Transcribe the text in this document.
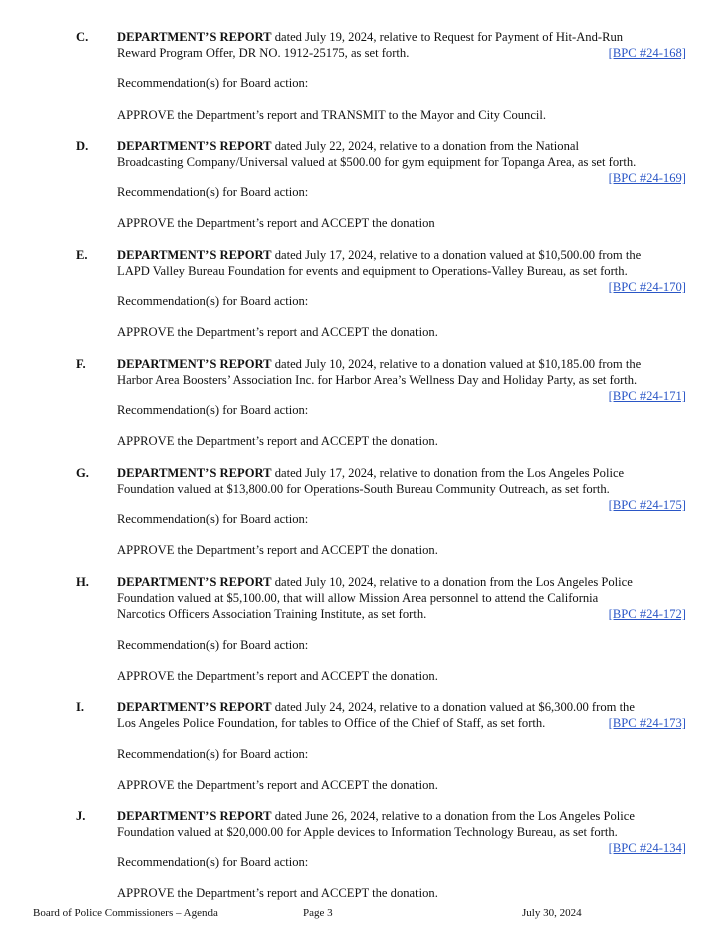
C. DEPARTMENT’S REPORT dated July 19, 2024, relative to Request for Payment of Hit-And-Run
Reward Program Offer, DR NO. 1912-25175, as set forth.	[BPC #24-168]
Recommendation(s) for Board action:
APPROVE the Department’s report and TRANSMIT to the Mayor and City Council.
D. DEPARTMENT’S REPORT dated July 22, 2024, relative to a donation from the National
Broadcasting Company/Universal valued at $500.00 for gym equipment for Topanga Area, as set forth.
[BPC #24-169]
Recommendation(s) for Board action:
APPROVE the Department’s report and ACCEPT the donation
E. DEPARTMENT’S REPORT dated July 17, 2024, relative to a donation valued at $10,500.00 from the
LAPD Valley Bureau Foundation for events and equipment to Operations-Valley Bureau, as set forth.
[BPC #24-170]
Recommendation(s) for Board action:
APPROVE the Department’s report and ACCEPT the donation.
F. DEPARTMENT’S REPORT dated July 10, 2024, relative to a donation valued at $10,185.00 from the
Harbor Area Boosters’ Association Inc. for Harbor Area’s Wellness Day and Holiday Party, as set forth.
[BPC #24-171]
Recommendation(s) for Board action:
APPROVE the Department’s report and ACCEPT the donation.
G. DEPARTMENT’S REPORT dated July 17, 2024, relative to donation from the Los Angeles Police
Foundation valued at $13,800.00 for Operations-South Bureau Community Outreach, as set forth.
[BPC #24-175]
Recommendation(s) for Board action:
APPROVE the Department’s report and ACCEPT the donation.
H. DEPARTMENT’S REPORT dated July 10, 2024, relative to a donation from the Los Angeles Police
Foundation valued at $5,100.00, that will allow Mission Area personnel to attend the California
Narcotics Officers Association Training Institute, as set forth.	[BPC #24-172]
Recommendation(s) for Board action:
APPROVE the Department’s report and ACCEPT the donation.
I.	DEPARTMENT’S REPORT dated July 24, 2024, relative to a donation valued at $6,300.00 from the
Los Angeles Police Foundation, for tables to Office of the Chief of Staff, as set forth.	[BPC #24-173]
Recommendation(s) for Board action:
APPROVE the Department’s report and ACCEPT the donation.
J.	DEPARTMENT’S REPORT dated June 26, 2024, relative to a donation from the Los Angeles Police
Foundation valued at $20,000.00 for Apple devices to Information Technology Bureau, as set forth.
[BPC #24-134]
Recommendation(s) for Board action:
APPROVE the Department’s report and ACCEPT the donation.
Board of Police Commissioners – Agenda	Page 3	July 30, 2024
